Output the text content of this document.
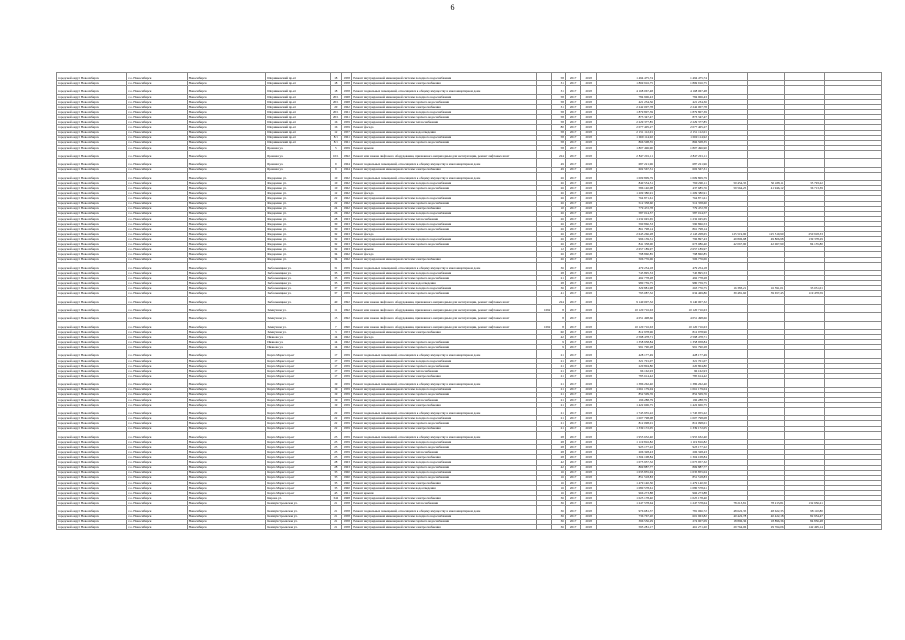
6
городской округ Новосибирск	г.о. Новосибирск	Новосибирск	Шорниковский пр-кт	18	1958	Ремонт внутридомовой инженерной системы холодного водоснабжения		58	2017	2018	1 494 475,74	1 494 475,74				
городской округ Новосибирск	г.о. Новосибирск	Новосибирск	Шорниковский пр-кт	18	1958	Ремонт внутридомовой инженерной системы электроснабжения		31	2017	2018	1 869 916,75	1 869 916,75				
городской округ Новосибирск	г.о. Новосибирск	Новосибирск	Шорниковский пр-кт	18	1958	Ремонт подвальных помещений, относящихся к общему имуществу в многоквартирном доме		31	2017	2018	4 168 067,48	4 168 067,48				
городской округ Новосибирск	г.о. Новосибирск	Новосибирск	Шорниковский пр-кт	20/1	1968	Ремонт внутридомовой инженерной системы холодного водоснабжения		58	2017	2018	784 906,43	784 906,43				
городской округ Новосибирск	г.о. Новосибирск	Новосибирск	Шорниковский пр-кт	20/1	1968	Ремонт внутридомовой инженерной системы горячего водоснабжения		58	2017	2018	421 234,36	421 234,36				
городской округ Новосибирск	г.о. Новосибирск	Новосибирск	Шорниковский пр-кт	20	1962	Ремонт внутридомовой инженерной системы электроснабжения		31	2017	2018	2 242 007,78	2 242 007,78				
городской округ Новосибирск	г.о. Новосибирск	Новосибирск	Шорниковский пр-кт	20/1	1961	Ремонт внутридомовой инженерной системы холодного водоснабжения		58	2017	2018	1 879 807,39	1 879 807,39				
городской округ Новосибирск	г.о. Новосибирск	Новосибирск	Шорниковский пр-кт	20/1	1961	Ремонт внутридомовой инженерной системы горячего водоснабжения		58	2017	2018	873 347,47	873 347,47				
городской округ Новосибирск	г.о. Новосибирск	Новосибирск	Шорниковский пр-кт	16	1959	Ремонт внутридомовой инженерной системы теплоснабжения		58	2017	2018	2 229 377,85	2 229 377,85				
городской округ Новосибирск	г.о. Новосибирск	Новосибирск	Шорниковский пр-кт	16	1959	Ремонт фасада		80	2017	2018	2 077 405,27	2 077 405,27				
городской округ Новосибирск	г.о. Новосибирск	Новосибирск	Шорниковский пр-кт	12	1957	Ремонт внутридомовой инженерной системы водоотведения		58	2017	2018	2 151 112,01	2 151 112,01				
городской округ Новосибирск	г.о. Новосибирск	Новосибирск	Шорниковский пр-кт	8/1	1961	Ремонт внутридомовой инженерной системы холодного водоснабжения		58	2017	2018	1 069 114,92	1 069 114,92				
городской округ Новосибирск	г.о. Новосибирск	Новосибирск	Шорниковский пр-кт	8/1	1961	Ремонт внутридомовой инженерной системы горячего водоснабжения		58	2017	2018	866 508,35	866 508,35				
городской округ Новосибирск	г.о. Новосибирск	Новосибирск	Бронная ул.	5	1959	Ремонт крыши		58	2017	2018	1 807 496,90	1 807 496,90				
городской округ Новосибирск	г.о. Новосибирск	Новосибирск	Бронная ул.	10/1	1992	Ремонт или замена лифтового оборудования, признанного непригодным для эксплуатации, ремонт лифтовых шахт		224	2017	2018	2 847 201,11	2 847 201,11				
городской округ Новосибирск	г.о. Новосибирск	Новосибирск	Бронная ул.	9	1964	Ремонт подвальных помещений, относящихся к общему имуществу в многоквартирном доме		49	2017	2018	687 221,96	687 221,96				
городской округ Новосибирск	г.о. Новосибирск	Новосибирск	Бронная ул.	9	1964	Ремонт внутридомовой инженерной системы электроснабжения		49	2017	2018	602 567,31	602 567,31				
городской округ Новосибирск	г.о. Новосибирск	Новосибирск	Федоренко ул.	10	1962	Ремонт подвальных помещений, относящихся к общему имуществу в многоквартирном доме		26	2017	2018	1 009 809,79	1 009 809,79				
городской округ Новосибирск	г.о. Новосибирск	Новосибирск	Федоренко ул.	10	1962	Ремонт внутридомовой инженерной системы холодного водоснабжения		26	2017	2018	840 554,51	790 290,11	50 454,35	50 438,11	35 793,22	
городской округ Новосибирск	г.о. Новосибирск	Новосибирск	Федоренко ул.	10	1962	Ремонт внутридомовой инженерной системы горячего водоснабжения		26	2017	2018	586 140,08	437 685,76	59 564,25	41 946,12	36 713,39	
городской округ Новосибирск	г.о. Новосибирск	Новосибирск	Федоренко ул.	12	1962	Ремонт фасада		26	2017	2018	1 209 380,91	1 209 380,91				
городской округ Новосибирск	г.о. Новосибирск	Новосибирск	Федоренко ул.	22	1962	Ремонт внутридомовой инженерной системы холодного водоснабжения		26	2017	2018	764 871,61	764 871,61				
городской округ Новосибирск	г.о. Новосибирск	Новосибирск	Федоренко ул.	22	1962	Ремонт внутридомовой инженерной системы горячего водоснабжения		26	2017	2018	512 358,60	512 358,60				
городской округ Новосибирск	г.о. Новосибирск	Новосибирск	Федоренко ул.	24	1962	Ремонт внутридомовой инженерной системы электроснабжения		10	2017	2018	779 472,78	779 472,78				
городской округ Новосибирск	г.о. Новосибирск	Новосибирск	Федоренко ул.	26	1962	Ремонт внутридомовой инженерной системы холодного водоснабжения		26	2017	2018	587 014,57	587 014,57				
городской округ Новосибирск	г.о. Новосибирск	Новосибирск	Федоренко ул.	28	1963	Ремонт внутридомовой инженерной системы теплоснабжения		26	2017	2018	1 232 045,65	1 232 045,65				
городской округ Новосибирск	г.о. Новосибирск	Новосибирск	Федоренко ул.	30	1963	Ремонт внутридомовой инженерной системы холодного водоснабжения		26	2017	2018	590 866,53	590 866,53				
городской округ Новосибирск	г.о. Новосибирск	Новосибирск	Федоренко ул.	30	1963	Ремонт внутридомовой инженерной системы горячего водоснабжения		26	2017	2018	861 798,14	861 798,14				
городской округ Новосибирск	г.о. Новосибирск	Новосибирск	Федоренко ул.	32	1963	Ремонт фасада		26	2017	2018	2 645 266,28	2 143 208,65	125 519,90	125 519,90	250 918,33	
городской округ Новосибирск	г.о. Новосибирск	Новосибирск	Федоренко ул.	32	1963	Ремонт внутридомовой инженерной системы холодного водоснабжения		26	2017	2018	996 139,31	796 897,43	49 806,98	49 806,98	139 378,29	
городской округ Новосибирск	г.о. Новосибирск	Новосибирск	Федоренко ул.	32	1963	Ремонт внутридомовой инженерной системы горячего водоснабжения		26	2017	2018	841 358,00	673 086,40	42 067,90	42 067,90	84 135,80	
городской округ Новосибирск	г.о. Новосибирск	Новосибирск	Федоренко ул.	32	1963	Ремонт крыши		12	2017	2018	2 657 189,97	2 657 189,97				
городской округ Новосибирск	г.о. Новосибирск	Новосибирск	Федоренко ул.	34	1962	Ремонт фасада		26	2017	2018	798 860,85	798 860,85				
городской округ Новосибирск	г.о. Новосибирск	Новосибирск	Федоренко ул.	34	1962	Ремонт внутридомовой инженерной системы электроснабжения		26	2017	2018	506 776,06	506 776,06				
городской округ Новосибирск	г.о. Новосибирск	Новосибирск	Зыбольницкая ул.	31	1959	Ремонт подвальных помещений, относящихся к общему имуществу в многоквартирном доме		36	2017	2018	479 254,18	479 254,18				
городской округ Новосибирск	г.о. Новосибирск	Новосибирск	Зыбольницкая ул.	35	1959	Ремонт внутридомовой инженерной системы холодного водоснабжения		28	2017	2018	745 895,53	745 895,53				
городской округ Новосибирск	г.о. Новосибирск	Новосибирск	Зыбольницкая ул.	35	1959	Ремонт внутридомовой инженерной системы горячего водоснабжения		21	2017	2018	492 778,28	492 778,28				
городской округ Новосибирск	г.о. Новосибирск	Новосибирск	Зыбольницкая ул.	35	1959	Ремонт внутридомовой инженерной системы водоотведения		28	2017	2018	980 759,75	980 759,75				
городской округ Новосибирск	г.о. Новосибирск	Новосибирск	Зыбольницкая ул.	37	1959	Ремонт внутридомовой инженерной системы холодного водоснабжения		36	2017	2018	329 881,98	263 776,75	16 383,21	16 591,01	33 031,01	
городской округ Новосибирск	г.о. Новосибирск	Новосибирск	Зыбольницкая ул.	37	1959	Ремонт внутридомовой инженерной системы горячего водоснабжения		41	2017	2018	793 087,32	634 469,86	39 481,60	39 657,45	119 478,59	
городской округ Новосибирск	г.о. Новосибирск	Новосибирск	Зыбольницкая ул.	40	1992	Ремонт или замена лифтового оборудования, признанного непригодным для эксплуатации, ремонт лифтовых шахт		224	2017	2018	9 140 007,32	9 140 007,32				
городской округ Новосибирск	г.о. Новосибирск	Новосибирск	Земнучная ул.	11	1992	Ремонт или замена лифтового оборудования, признанного непригодным для эксплуатации, ремонт лифтовых шахт	1092	8	2017	2018	10 120 716,63	10 120 716,63				
городской округ Новосибирск	г.о. Новосибирск	Новосибирск	Земнучная ул.	15	1992	Ремонт или замена лифтового оборудования, признанного непригодным для эксплуатации, ремонт лифтовых шахт		8	2017	2018	4 051 498,66	4 051 498,66				
городской округ Новосибирск	г.о. Новосибирск	Новосибирск	Земнучная ул.	7	1990	Ремонт или замена лифтового оборудования, признанного непригодным для эксплуатации, ремонт лифтовых шахт	1092	8	2017	2018	10 120 716,63	10 120 716,63				
городской округ Новосибирск	г.о. Новосибирск	Новосибирск	Земнучная ул.	3	1953	Ремонт внутридомовой инженерной системы электроснабжения		60	2017	2018	812 978,96	812 978,96				
городской округ Новосибирск	г.о. Новосибирск	Новосибирск	Иванова ул.	14	1962	Ремонт фасада		42	2017	2018	2 598 478,71	2 598 478,71				
городской округ Новосибирск	г.о. Новосибирск	Новосибирск	Иванова ул.	14	1962	Ремонт внутридомовой инженерной системы горячего водоснабжения		9	2017	2018	1 358 958,84	1 358 958,84				
городской округ Новосибирск	г.о. Новосибирск	Новосибирск	Иванова ул.	14	1962	Ремонт внутридомовой инженерной системы горячего водоснабжения		9	2017	2018	991 790,28	991 790,28				
городской округ Новосибирск	г.о. Новосибирск	Новосибирск	Карла Маркса пр-кт	17	1959	Ремонт подвальных помещений, относящихся к общему имуществу в многоквартирном доме		21	2017	2018	428 177,49	428 177,49				
городской округ Новосибирск	г.о. Новосибирск	Новосибирск	Карла Маркса пр-кт	17	1959	Ремонт внутридомовой инженерной системы холодного водоснабжения		21	2017	2018	321 701,07	321 701,07				
городской округ Новосибирск	г.о. Новосибирск	Новосибирск	Карла Маркса пр-кт	17	1959	Ремонт внутридомовой инженерной системы горячего водоснабжения		21	2017	2018	220 804,80	220 804,80				
городской округ Новосибирск	г.о. Новосибирск	Новосибирск	Карла Маркса пр-кт	17	1959	Ремонт внутридомовой инженерной системы теплоснабжения		21	2017	2018	96 162,93	96 162,93				
городской округ Новосибирск	г.о. Новосибирск	Новосибирск	Карла Маркса пр-кт	17	1959	Ремонт внутридомовой инженерной системы электроснабжения		21	2017	2018	785 614,42	785 614,42				
городской округ Новосибирск	г.о. Новосибирск	Новосибирск	Карла Маркса пр-кт	19	1959	Ремонт подвальных помещений, относящихся к общему имуществу в многоквартирном доме		21	2017	2018	1 386 262,40	1 386 262,40				
городской округ Новосибирск	г.о. Новосибирск	Новосибирск	Карла Маркса пр-кт	19	1959	Ремонт внутридомовой инженерной системы холодного водоснабжения		21	2017	2018	1 061 179,04	1 061 179,04				
городской округ Новосибирск	г.о. Новосибирск	Новосибирск	Карла Маркса пр-кт	19	1959	Ремонт внутридомовой инженерной системы горячего водоснабжения		21	2017	2018	852 509,76	852 509,76				
городской округ Новосибирск	г.о. Новосибирск	Новосибирск	Карла Маркса пр-кт	19	1959	Ремонт внутридомовой инженерной системы теплоснабжения		21	2017	2018	196 288,79	196 288,79				
городской округ Новосибирск	г.о. Новосибирск	Новосибирск	Карла Маркса пр-кт	19	1959	Ремонт внутридомовой инженерной системы электроснабжения		21	2017	2018	1 422 606,75	1 422 606,75				
городской округ Новосибирск	г.о. Новосибирск	Новосибирск	Карла Маркса пр-кт	22	1959	Ремонт подвальных помещений, относящихся к общему имуществу в многоквартирном доме		21	2017	2018	1 745 955,22	1 745 955,22				
городской округ Новосибирск	г.о. Новосибирск	Новосибирск	Карла Маркса пр-кт	22	1959	Ремонт внутридомовой инженерной системы холодного водоснабжения		21	2017	2018	1 007 798,08	1 007 798,08				
городской округ Новосибирск	г.о. Новосибирск	Новосибирск	Карла Маркса пр-кт	22	1959	Ремонт внутридомовой инженерной системы горячего водоснабжения		21	2017	2018	812 098,01	812 098,01				
городской округ Новосибирск	г.о. Новосибирск	Новосибирск	Карла Маркса пр-кт	22	1959	Ремонт внутридомовой инженерной системы электроснабжения		21	2017	2018	1 339 172,05	1 339 172,05				
городской округ Новосибирск	г.о. Новосибирск	Новосибирск	Карла Маркса пр-кт	25	1959	Ремонт подвальных помещений, относящихся к общему имуществу в многоквартирном доме		28	2017	2018	1 955 632,40	1 955 632,40				
городской округ Новосибирск	г.о. Новосибирск	Новосибирск	Карла Маркса пр-кт	25	1959	Ремонт внутридомовой инженерной системы холодного водоснабжения		28	2017	2018	1 119 816,82	1 119 816,82				
городской округ Новосибирск	г.о. Новосибирск	Новосибирск	Карла Маркса пр-кт	25	1959	Ремонт внутридомовой инженерной системы горячего водоснабжения		28	2017	2018	923 177,22	923 177,22				
городской округ Новосибирск	г.о. Новосибирск	Новосибирск	Карла Маркса пр-кт	25	1959	Ремонт внутридомовой инженерной системы теплоснабжения		28	2017	2018	206 328,43	206 328,43				
городской округ Новосибирск	г.о. Новосибирск	Новосибирск	Карла Маркса пр-кт	25	1959	Ремонт внутридомовой инженерной системы электроснабжения		28	2017	2018	1 304 108,84	1 304 108,84				
городской округ Новосибирск	г.о. Новосибирск	Новосибирск	Карла Маркса пр-кт	28	1963	Ремонт внутридомовой инженерной системы холодного водоснабжения		42	2017	2018	1 075 957,32	1 075 957,32				
городской округ Новосибирск	г.о. Новосибирск	Новосибирск	Карла Маркса пр-кт	28	1963	Ремонт внутридомовой инженерной системы горячего водоснабжения		42	2017	2018	869 887,77	869 887,77				
городской округ Новосибирск	г.о. Новосибирск	Новосибирск	Карла Маркса пр-кт	33	1960	Ремонт внутридомовой инженерной системы холодного водоснабжения		16	2017	2018	1 035 855,04	1 035 855,04				
городской округ Новосибирск	г.о. Новосибирск	Новосибирск	Карла Маркса пр-кт	33	1960	Ремонт внутридомовой инженерной системы горячего водоснабжения		16	2017	2018	851 518,83	851 518,83				
городской округ Новосибирск	г.о. Новосибирск	Новосибирск	Карла Маркса пр-кт	35	1960	Ремонт внутридомовой инженерной системы электроснабжения		16	2017	2018	1 479 140,50	1 479 140,50				
городской округ Новосибирск	г.о. Новосибирск	Новосибирск	Карла Маркса пр-кт	35	1960	Ремонт внутридомовой инженерной системы водоотведения		16	2017	2018	1 080 578,61	1 080 578,61				
городской округ Новосибирск	г.о. Новосибирск	Новосибирск	Карла Маркса пр-кт	45	1961	Ремонт крыши		16	2017	2018	966 273,88	966 273,88				
городской округ Новосибирск	г.о. Новосибирск	Новосибирск	Кирова ул.	342	1968	Ремонт внутридомовой инженерной системы электроснабжения		36	2017	2018	1 025 178,40	1 025 178,40				
городской округ Новосибирск	г.о. Новосибирск	Новосибирск	Коммунстроевская ул.	21	1958	Ремонт внутридомовой инженерной системы теплоснабжения		36	2017	2018	1 247 578,64	1 247 578,64	78 213,81	78 213,81	132 956,21	
городской округ Новосибирск	г.о. Новосибирск	Новосибирск	Коммунстроевская ул.	21	1958	Ремонт подвальных помещений, относящихся к общему имуществу в многоквартирном доме		36	2017	2018	976 681,37	781 066,72	48 622,35	48 622,35	98 110,80	
городской округ Новосибирск	г.о. Новосибирск	Новосибирск	Коммунстроевская ул.	21	1958	Ремонт внутридомовой инженерной системы холодного водоснабжения		36	2017	2018	736 767,20	601 963,82	40 422,78	40 422,18	82 954,47	
городской округ Новосибирск	г.о. Новосибирск	Новосибирск	Коммунстроевская ул.	21	1958	Ремонт внутридомовой инженерной системы горячего водоснабжения		36	2017	2018	396 556,29	274 907,09	18 896,36	18 896,36	84 856,48	
городской округ Новосибирск	г.о. Новосибирск	Новосибирск	Коммунстроевская ул.	21	1958	Ремонт внутридомовой инженерной системы электроснабжения		36	2017	2018	595 281,17	461 271,20	29 764,06	29 764,06	142 495,14	
